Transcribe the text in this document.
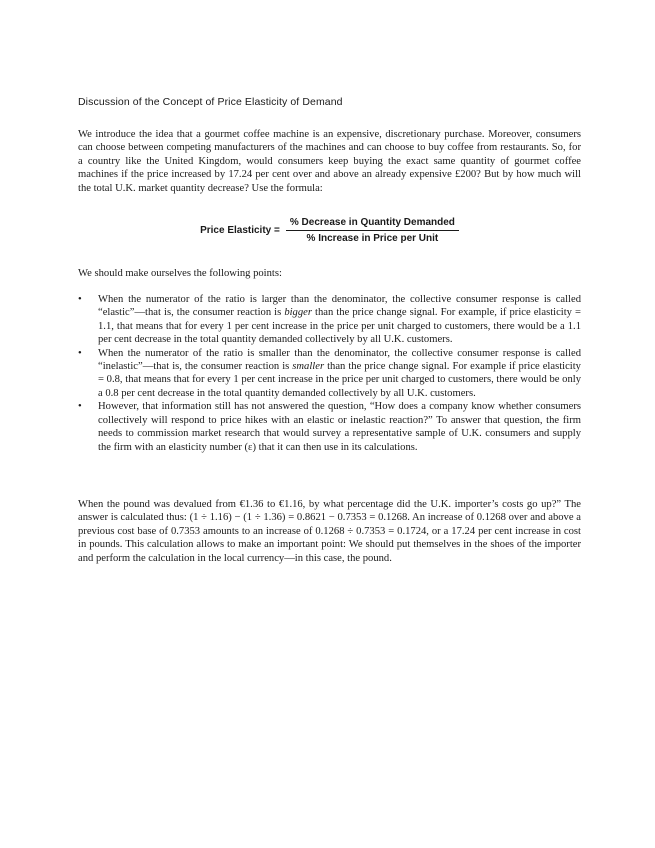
Discussion of the Concept of Price Elasticity of Demand

We introduce the idea that a gourmet coffee machine is an expensive, discretionary purchase. Moreover, consumers can choose between competing manufacturers of the machines and can choose to buy coffee from restaurants. So, for a country like the United Kingdom, would consumers keep buying the exact same quantity of gourmet coffee machines if the price increased by 17.24 per cent over and above an already expensive £200? But by how much will the total U.K. market quantity decrease? Use the formula:

Price Elasticity = $\frac{\text{\% Decrease in Quantity Demanded}}{\text{\% Increase in Price per Unit}}$

We should make ourselves the following points:

• When the numerator of the ratio is larger than the denominator, the collective consumer response is called “elastic”—that is, the consumer reaction is bigger than the price change signal. For example, if price elasticity = 1.1, that means that for every 1 per cent increase in the price per unit charged to customers, there would be a 1.1 per cent decrease in the total quantity demanded collectively by all U.K. customers.
• When the numerator of the ratio is smaller than the denominator, the collective consumer response is called “inelastic”—that is, the consumer reaction is smaller than the price change signal. For example if price elasticity = 0.8, that means that for every 1 per cent increase in the price per unit charged to customers, there would be only a 0.8 per cent decrease in the total quantity demanded collectively by all U.K. customers.
• However, that information still has not answered the question, “How does a company know whether consumers collectively will respond to price hikes with an elastic or inelastic reaction?” To answer that question, the firm needs to commission market research that would survey a representative sample of U.K. consumers and supply the firm with an elasticity number (ε) that it can then use in its calculations.

When the pound was devalued from €1.36 to €1.16, by what percentage did the U.K. importer’s costs go up?” The answer is calculated thus: (1 ÷ 1.16) − (1 ÷ 1.36) = 0.8621 − 0.7353 = 0.1268. An increase of 0.1268 over and above a previous cost base of 0.7353 amounts to an increase of 0.1268 ÷ 0.7353 = 0.1724, or a 17.24 per cent increase in cost in pounds. This calculation allows to make an important point: We should put themselves in the shoes of the importer and perform the calculation in the local currency—in this case, the pound.
